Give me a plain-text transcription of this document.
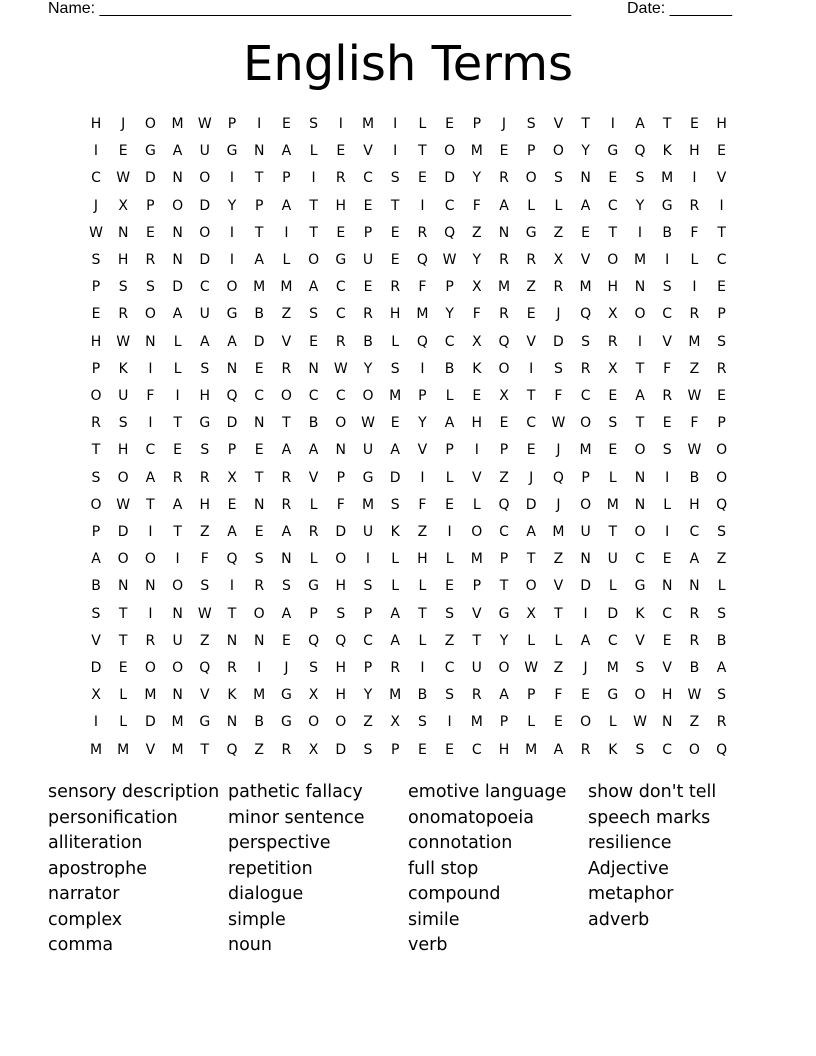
Name: _____________________________________________________

	Date: _______

English Terms
H	J	O	M	W	P	I	E	S	I	M	I	L	E	P	J	S	V	T	I	A	T	E	H
I	E	G	A	U	G	N	A	L	E	V	I	T	O	M	E	P	O	Y	G	Q	K	H	E
C	W	D	N	O	I	T	P	I	R	C	S	E	D	Y	R	O	S	N	E	S	M	I	V
J	X	P	O	D	Y	P	A	T	H	E	T	I	C	F	A	L	L	A	C	Y	G	R	I
W	N	E	N	O	I	T	I	T	E	P	E	R	Q	Z	N	G	Z	E	T	I	B	F	T
S	H	R	N	D	I	A	L	O	G	U	E	Q	W	Y	R	R	X	V	O	M	I	L	C
P	S	S	D	C	O	M	M	A	C	E	R	F	P	X	M	Z	R	M	H	N	S	I	E
E	R	O	A	U	G	B	Z	S	C	R	H	M	Y	F	R	E	J	Q	X	O	C	R	P
H	W	N	L	A	A	D	V	E	R	B	L	Q	C	X	Q	V	D	S	R	I	V	M	S
P	K	I	L	S	N	E	R	N	W	Y	S	I	B	K	O	I	S	R	X	T	F	Z	R
O	U	F	I	H	Q	C	O	C	C	O	M	P	L	E	X	T	F	C	E	A	R	W	E
R	S	I	T	G	D	N	T	B	O	W	E	Y	A	H	E	C	W	O	S	T	E	F	P
T	H	C	E	S	P	E	A	A	N	U	A	V	P	I	P	E	J	M	E	O	S	W	O
S	O	A	R	R	X	T	R	V	P	G	D	I	L	V	Z	J	Q	P	L	N	I	B	O
O	W	T	A	H	E	N	R	L	F	M	S	F	E	L	Q	D	J	O	M	N	L	H	Q
P	D	I	T	Z	A	E	A	R	D	U	K	Z	I	O	C	A	M	U	T	O	I	C	S
A	O	O	I	F	Q	S	N	L	O	I	L	H	L	M	P	T	Z	N	U	C	E	A	Z
B	N	N	O	S	I	R	S	G	H	S	L	L	E	P	T	O	V	D	L	G	N	N	L
S	T	I	N	W	T	O	A	P	S	P	A	T	S	V	G	X	T	I	D	K	C	R	S
V	T	R	U	Z	N	N	E	Q	Q	C	A	L	Z	T	Y	L	L	A	C	V	E	R	B
D	E	O	O	Q	R	I	J	S	H	P	R	I	C	U	O	W	Z	J	M	S	V	B	A
X	L	M	N	V	K	M	G	X	H	Y	M	B	S	R	A	P	F	E	G	O	H	W	S
I	L	D	M	G	N	B	G	O	O	Z	X	S	I	M	P	L	E	O	L	W	N	Z	R
M	M	V	M	T	Q	Z	R	X	D	S	P	E	E	C	H	M	A	R	K	S	C	O	Q
sensory description
personification
alliteration
apostrophe
narrator
complex
comma
pathetic fallacy
minor sentence
perspective
repetition
dialogue
simple
noun
emotive language
onomatopoeia
connotation
full stop
compound
simile
verb
show don't tell
speech marks
resilience
Adjective
metaphor
adverb
